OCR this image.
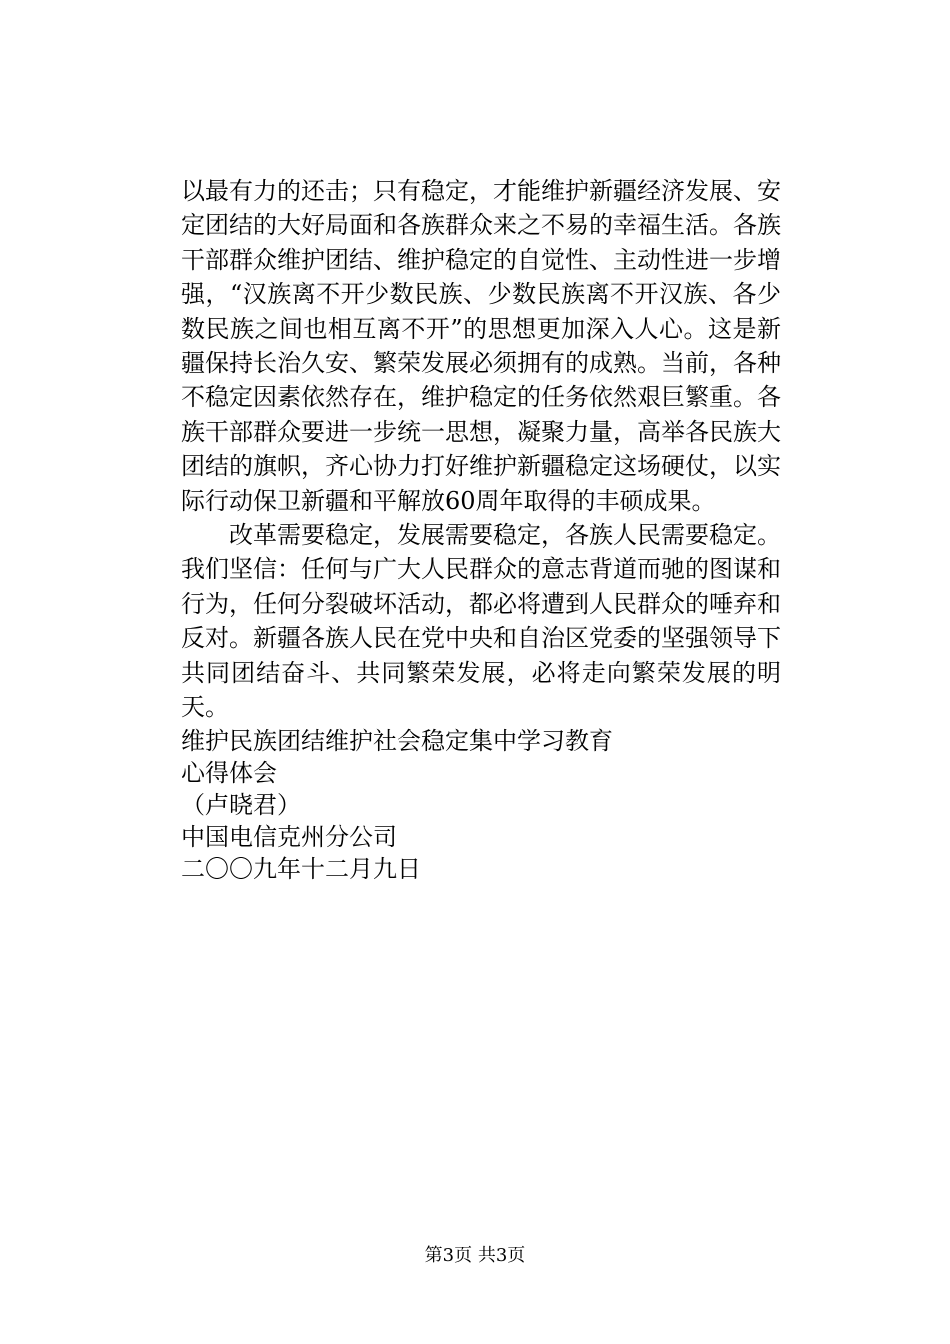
以最有力的还击；只有稳定，才能维护新疆经济发展、安定团结的大好局面和各族群众来之不易的幸福生活。各族干部群众维护团结、维护稳定的自觉性、主动性进一步增强，“汉族离不开少数民族、少数民族离不开汉族、各少数民族之间也相互离不开”的思想更加深入人心。这是新疆保持长治久安、繁荣发展必须拥有的成熟。当前，各种不稳定因素依然存在，维护稳定的任务依然艰巨繁重。各族干部群众要进一步统一思想，凝聚力量，高举各民族大团结的旗帜，齐心协力打好维护新疆稳定这场硬仗，以实际行动保卫新疆和平解放60周年取得的丰硕成果。

改革需要稳定，发展需要稳定，各族人民需要稳定。我们坚信：任何与广大人民群众的意志背道而驰的图谋和行为，任何分裂破坏活动，都必将遭到人民群众的唾弃和反对。新疆各族人民在党中央和自治区党委的坚强领导下共同团结奋斗、共同繁荣发展，必将走向繁荣发展的明天。

维护民族团结维护社会稳定集中学习教育

心得体会

（卢晓君）

中国电信克州分公司

二〇〇九年十二月九日

第3页 共3页
